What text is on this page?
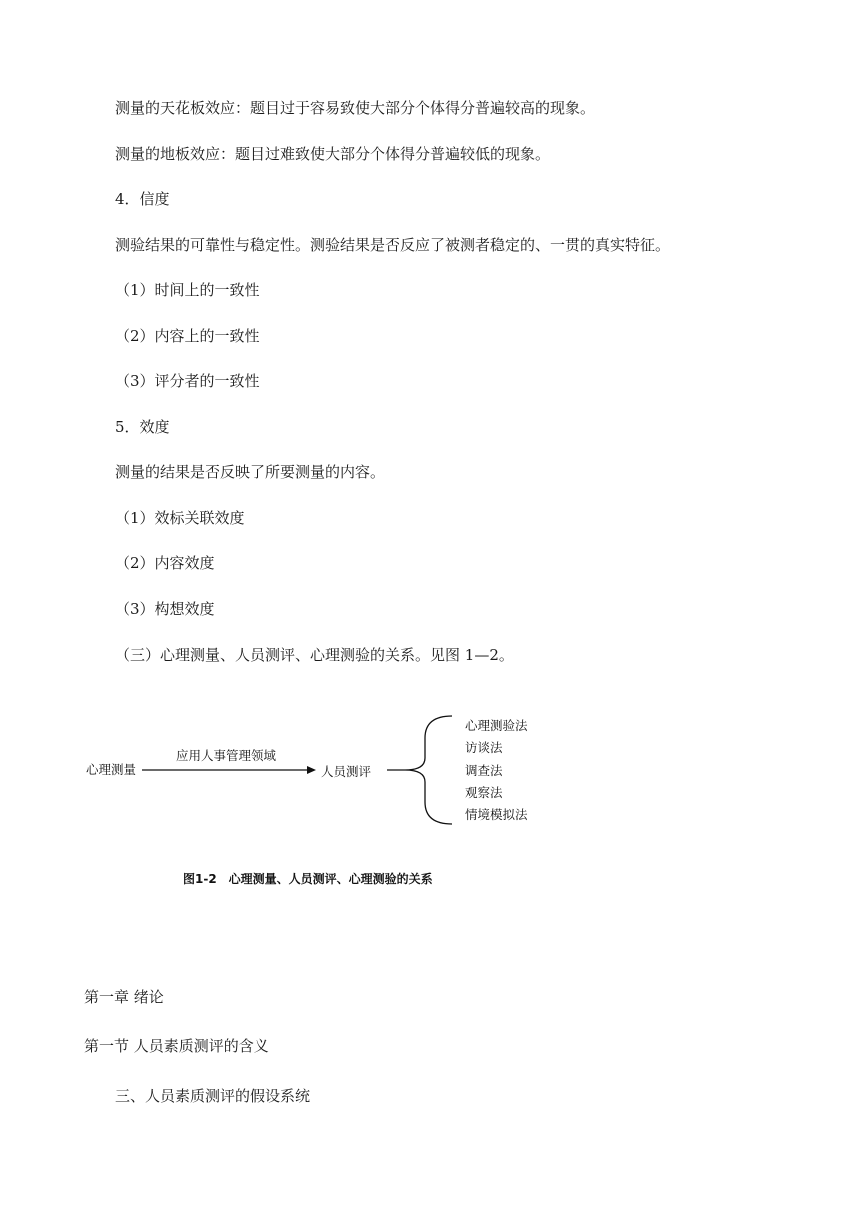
测量的天花板效应：题目过于容易致使大部分个体得分普遍较高的现象。
测量的地板效应：题目过难致使大部分个体得分普遍较低的现象。
4．信度
测验结果的可靠性与稳定性。测验结果是否反应了被测者稳定的、一贯的真实特征。
（1）时间上的一致性
（2）内容上的一致性
（3）评分者的一致性
5．效度
测量的结果是否反映了所要测量的内容。
（1）效标关联效度
（2）内容效度
（3）构想效度
（三）心理测量、人员测评、心理测验的关系。见图 1—2。
心理测量
应用人事管理领域
人员测评
心理测验法
访谈法
调查法
观察法
情境模拟法
图1-2　心理测量、人员测评、心理测验的关系
第一章 绪论
第一节 人员素质测评的含义
三、人员素质测评的假设系统
